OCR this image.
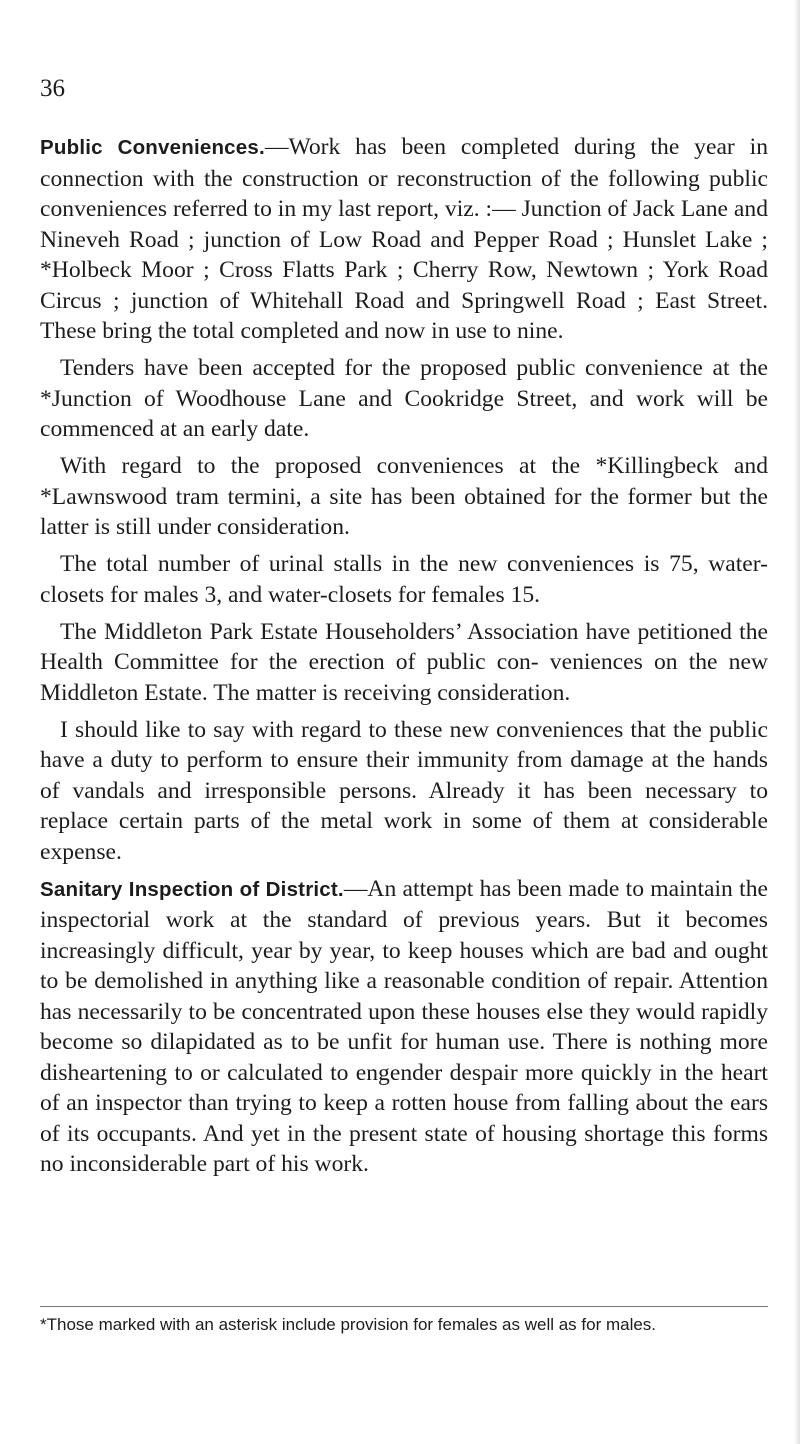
36

Public Conveniences.—Work has been completed during the year in connection with the construction or reconstruction of the following public conveniences referred to in my last report, viz. :— Junction of Jack Lane and Nineveh Road ; junction of Low Road and Pepper Road ; Hunslet Lake ; *Holbeck Moor ; Cross Flatts Park ; Cherry Row, Newtown ; York Road Circus ; junction of Whitehall Road and Springwell Road ; East Street. These bring the total completed and now in use to nine.

Tenders have been accepted for the proposed public convenience at the *Junction of Woodhouse Lane and Cookridge Street, and work will be commenced at an early date.

With regard to the proposed conveniences at the *Killingbeck and *Lawnswood tram termini, a site has been obtained for the former but the latter is still under consideration.

The total number of urinal stalls in the new conveniences is 75, water-closets for males 3, and water-closets for females 15.

The Middleton Park Estate Householders’ Association have petitioned the Health Committee for the erection of public con- veniences on the new Middleton Estate. The matter is receiving consideration.

I should like to say with regard to these new conveniences that the public have a duty to perform to ensure their immunity from damage at the hands of vandals and irresponsible persons. Already it has been necessary to replace certain parts of the metal work in some of them at considerable expense.

Sanitary Inspection of District.—An attempt has been made to maintain the inspectorial work at the standard of previous years. But it becomes increasingly difficult, year by year, to keep houses which are bad and ought to be demolished in anything like a reasonable condition of repair. Attention has necessarily to be concentrated upon these houses else they would rapidly become so dilapidated as to be unfit for human use. There is nothing more disheartening to or calculated to engender despair more quickly in the heart of an inspector than trying to keep a rotten house from falling about the ears of its occupants. And yet in the present state of housing shortage this forms no inconsiderable part of his work.

*Those marked with an asterisk include provision for females as well as for males.
